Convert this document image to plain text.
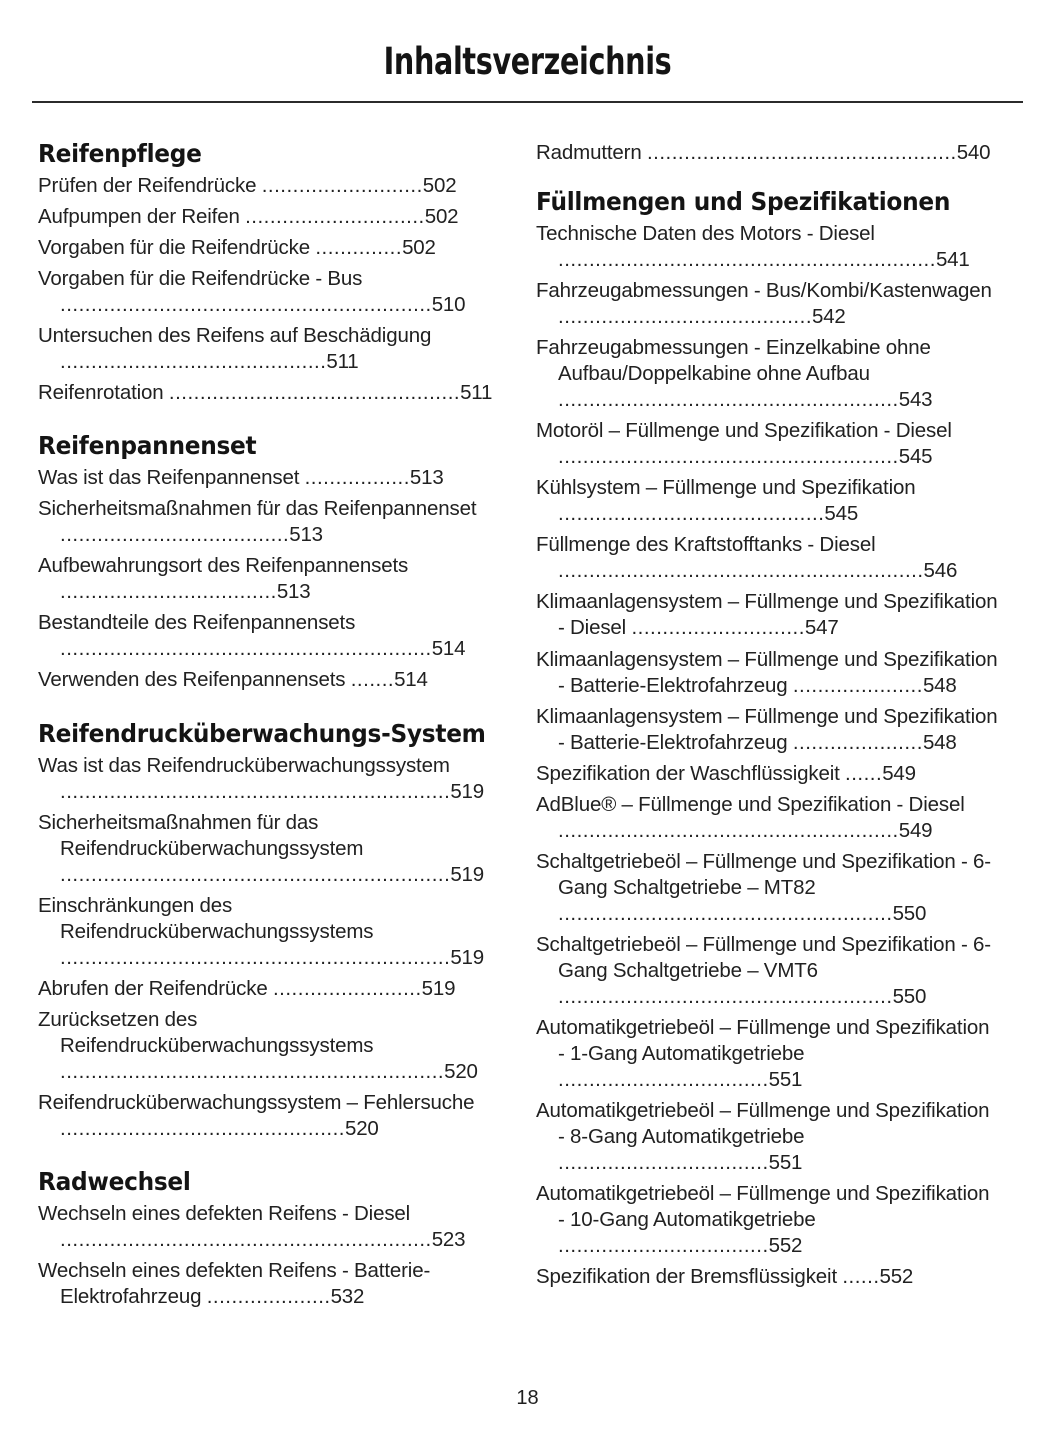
Inhaltsverzeichnis
Reifenpflege

Prüfen der Reifendrücke ..........................502

Aufpumpen der Reifen .............................502

Vorgaben für die Reifendrücke ..............502

Vorgaben für die Reifendrücke - Bus ............................................................510

Untersuchen des Reifens auf Beschädigung ...........................................511

Reifenrotation ...............................................511

Reifenpannenset

Was ist das Reifenpannenset .................513

Sicherheitsmaßnahmen für das Reifenpannenset .....................................513

Aufbewahrungsort des Reifenpannensets ...................................513

Bestandteile des Reifenpannensets ............................................................514

Verwenden des Reifenpannensets .......514

Reifendrucküberwachungs-System

Was ist das Reifendrucküberwachungssystem ...............................................................519

Sicherheitsmaßnahmen für das Reifendrucküberwachungssystem ...............................................................519

Einschränkungen des Reifendrucküberwachungssystems ...............................................................519

Abrufen der Reifendrücke ........................519

Zurücksetzen des Reifendrucküberwachungssystems ..............................................................520

Reifendrucküberwachungssystem – Fehlersuche ..............................................520

Radwechsel

Wechseln eines defekten Reifens - Diesel ............................................................523

Wechseln eines defekten Reifens - Batterie-Elektrofahrzeug ....................532

Radmuttern ..................................................540

Füllmengen und Spezifikationen

Technische Daten des Motors - Diesel .............................................................541

Fahrzeugabmessungen - Bus/Kombi/Kastenwagen .........................................542

Fahrzeugabmessungen - Einzelkabine ohne Aufbau/Doppelkabine ohne Aufbau .......................................................543

Motoröl – Füllmenge und Spezifikation - Diesel .......................................................545

Kühlsystem – Füllmenge und Spezifikation ...........................................545

Füllmenge des Kraftstofftanks - Diesel ...........................................................546

Klimaanlagensystem – Füllmenge und Spezifikation - Diesel ............................547

Klimaanlagensystem – Füllmenge und Spezifikation - Batterie-Elektrofahrzeug .....................548

Klimaanlagensystem – Füllmenge und Spezifikation - Batterie-Elektrofahrzeug .....................548

Spezifikation der Waschflüssigkeit ......549

AdBlue® – Füllmenge und Spezifikation - Diesel .......................................................549

Schaltgetriebeöl – Füllmenge und Spezifikation - 6-Gang Schaltgetriebe – MT82 ......................................................550

Schaltgetriebeöl – Füllmenge und Spezifikation - 6-Gang Schaltgetriebe – VMT6 ......................................................550

Automatikgetriebeöl – Füllmenge und Spezifikation - 1-Gang Automatikgetriebe ..................................551

Automatikgetriebeöl – Füllmenge und Spezifikation - 8-Gang Automatikgetriebe ..................................551

Automatikgetriebeöl – Füllmenge und Spezifikation - 10-Gang Automatikgetriebe ..................................552

Spezifikation der Bremsflüssigkeit ......552

18
